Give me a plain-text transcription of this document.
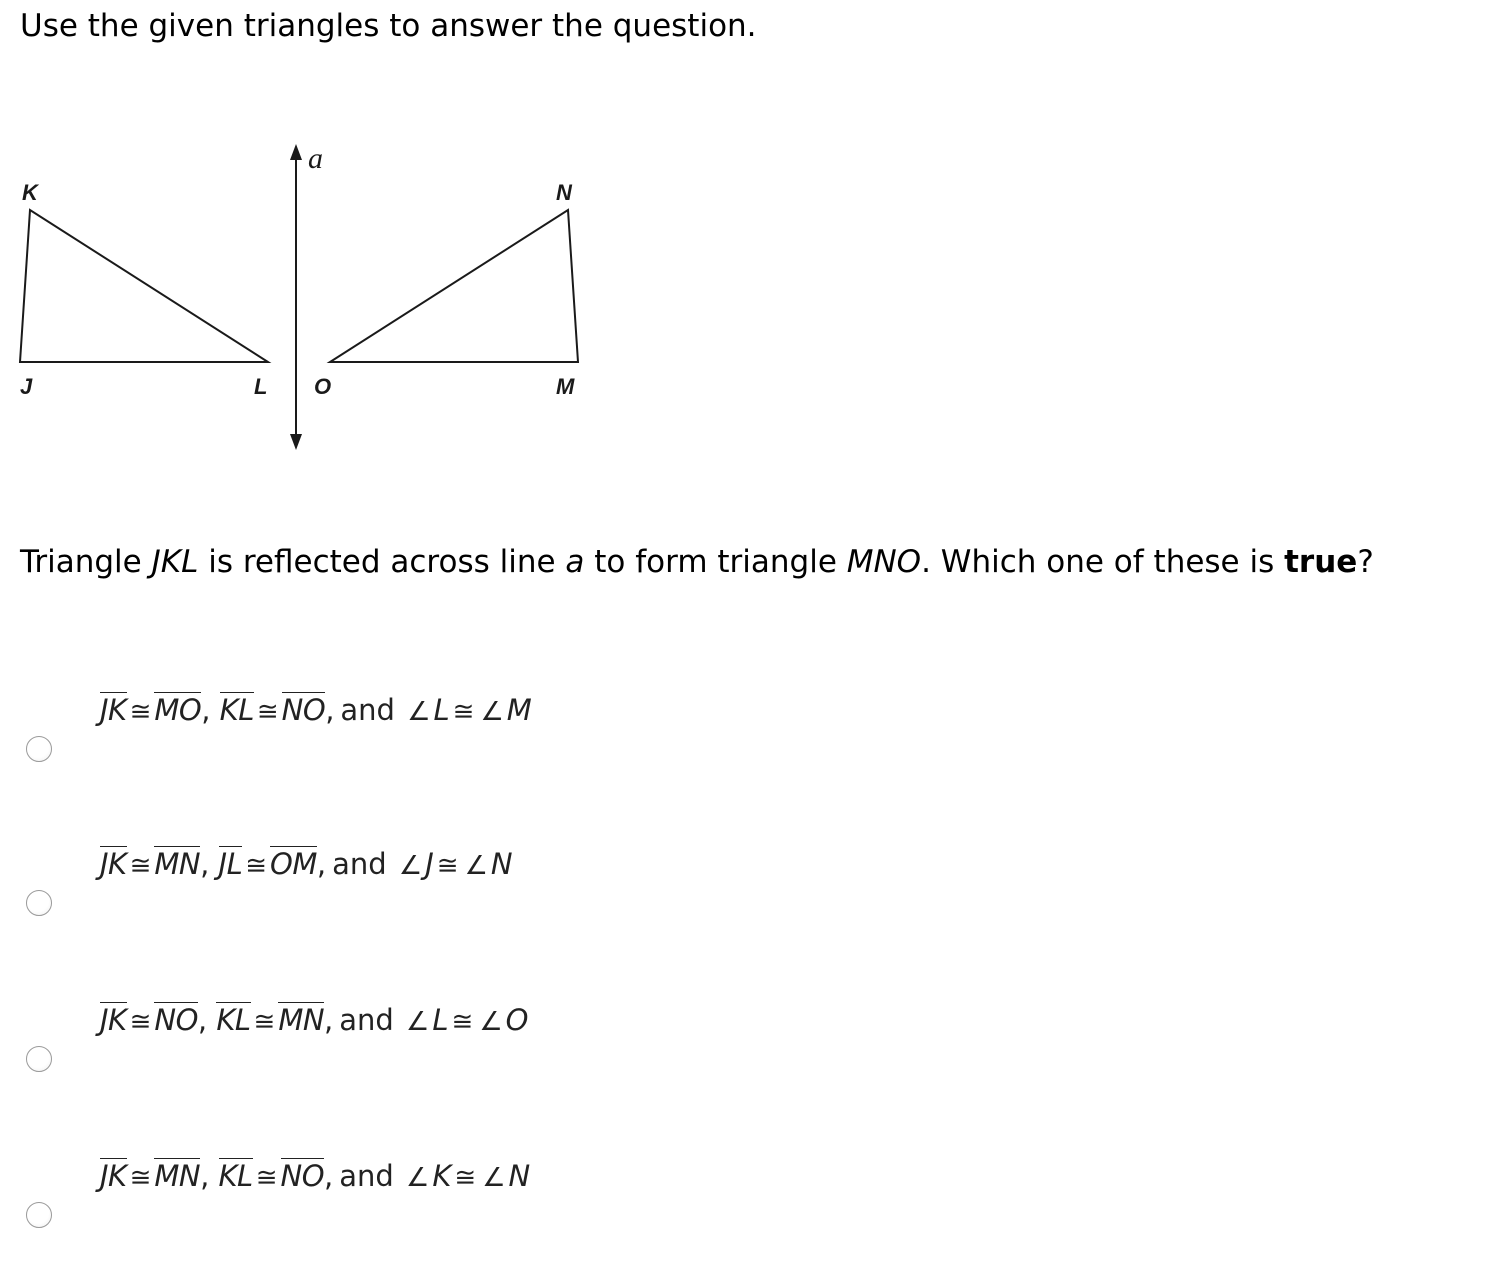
Use the given triangles to answer the question.
a
K
J	L O	M
N
Triangle JKL is reflected across line a to form triangle MNO. Which one of these is true?
JK ≅ MO, KL ≅ NO, and ∠ L ≅ ∠ M
JK ≅ MN, JL ≅ OM, and ∠ J ≅ ∠ N
JK ≅ NO, KL ≅ MN, and ∠ L ≅ ∠ O
JK ≅ MN, KL ≅ NO, and ∠ K ≅ ∠ N
